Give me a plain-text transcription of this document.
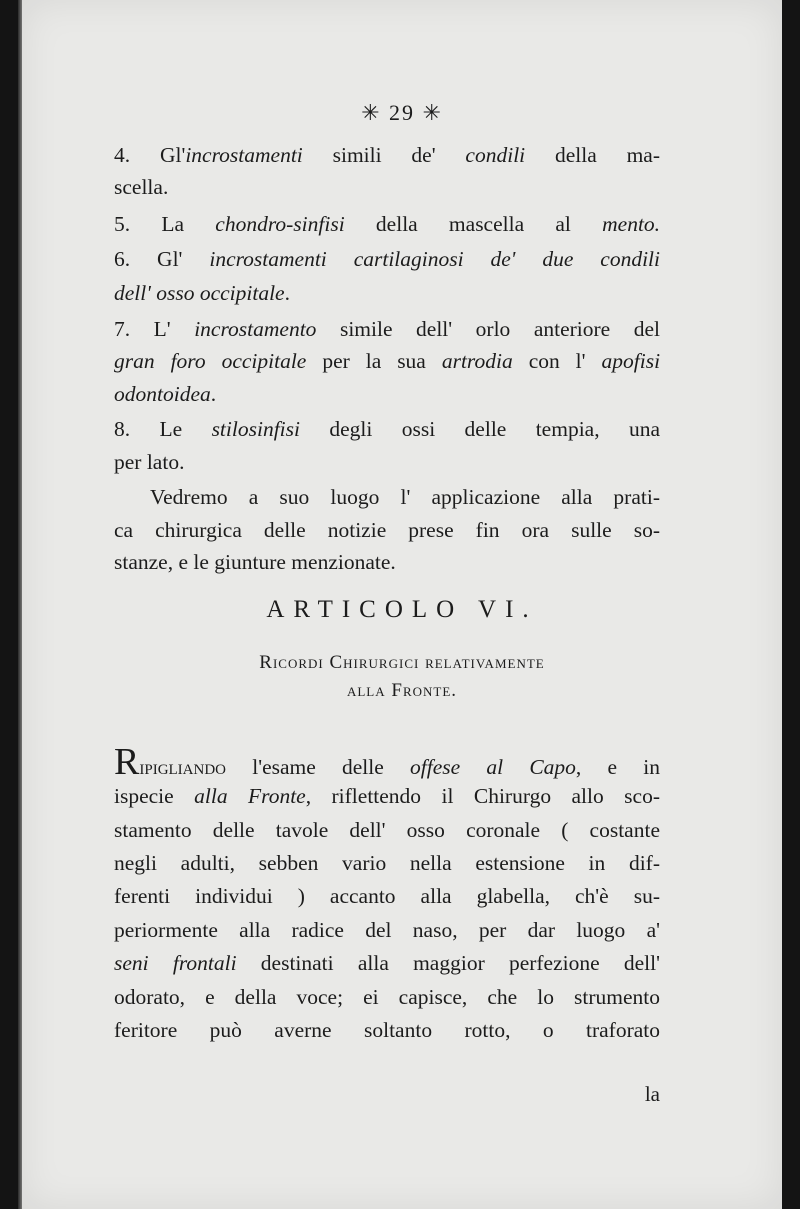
✳ 29 ✳
4. Gl'incrostamenti simili de' condili della ma-
scella.
5. La chondro-sinfisi della mascella al mento.
6. Gl' incrostamenti cartilaginosi de' due condili
dell' osso occipitale.
7. L' incrostamento simile dell' orlo anteriore del
gran foro occipitale per la sua artrodia con l' apofisi
odontoidea.
8. Le stilosinfisi degli ossi delle tempia, una
per lato.
Vedremo a suo luogo l' applicazione alla prati-
ca chirurgica delle notizie prese fin ora sulle so-
stanze, e le giunture menzionate.
ARTICOLO VI.
Ricordi Chirurgici relativamente
alla Fronte.
Ripigliando l'esame delle offese al Capo, e in
ispecie alla Fronte, riflettendo il Chirurgo allo sco-
stamento delle tavole dell' osso coronale ( costante
negli adulti, sebben vario nella estensione in dif-
ferenti individui ) accanto alla glabella, ch'è su-
periormente alla radice del naso, per dar luogo a'
seni frontali destinati alla maggior perfezione dell'
odorato, e della voce; ei capisce, che lo strumento
feritore può averne soltanto rotto, o traforato
la
